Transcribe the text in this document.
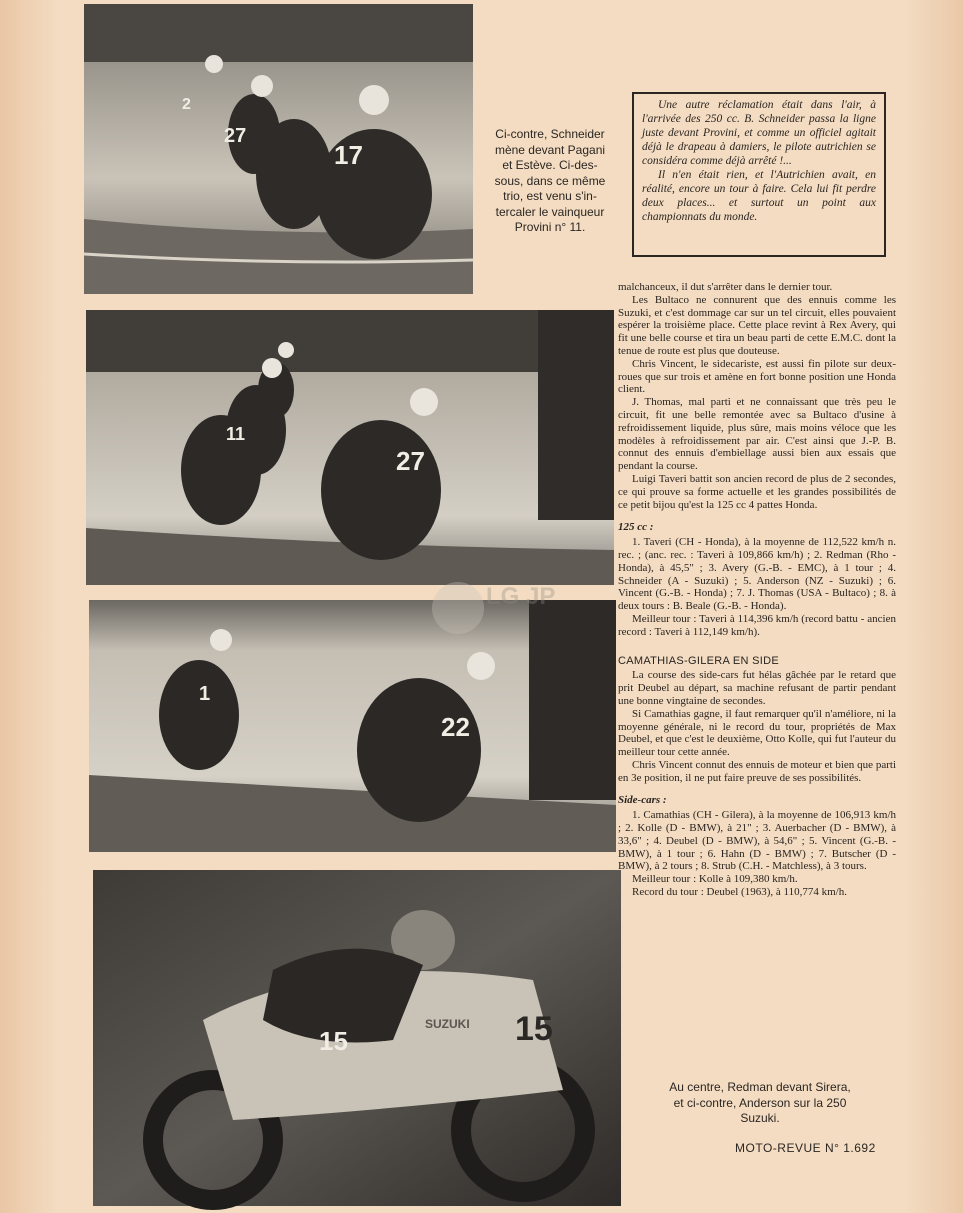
2
27
17
Ci-contre, Schneider
mène devant Pagani
et Estève. Ci-des-
sous, dans ce même
trio, est venu s'in-
tercaler le vainqueur
Provini n° 11.

Une autre réclamation était dans l'air, à l'arrivée des 250 cc. B. Schneider passa la ligne juste devant Provini, et comme un officiel agitait déjà le drapeau à damiers, le pilote autrichien se considéra comme déjà arrêté !...

Il n'en était rien, et l'Autrichien avait, en réalité, encore un tour à faire. Cela lui fit perdre deux places... et surtout un point aux championnats du monde.

11
27
1
22
LG JP
15	15
SUZUKI
Au centre, Redman devant Sirera,
et ci-contre, Anderson sur la 250
Suzuki.

malchanceux, il dut s'arrêter dans le dernier tour.

Les Bultaco ne connurent que des ennuis comme les Suzuki, et c'est dommage car sur un tel circuit, elles pouvaient espérer la troisième place. Cette place revint à Rex Avery, qui fit une belle course et tira un beau parti de cette E.M.C. dont la tenue de route est plus que douteuse.

Chris Vincent, le sidecariste, est aussi fin pilote sur deux-roues que sur trois et amène en fort bonne position une Honda client.

J. Thomas, mal parti et ne connaissant que très peu le circuit, fit une belle remontée avec sa Bultaco d'usine à refroidissement liquide, plus sûre, mais moins véloce que les modèles à refroidissement par air. C'est ainsi que J.-P. B. connut des ennuis d'embiellage aussi bien aux essais que pendant la course.

Luigi Taveri battit son ancien record de plus de 2 secondes, ce qui prouve sa forme actuelle et les grandes possibilités de ce petit bijou qu'est la 125 cc 4 pattes Honda.

125 cc :

1. Taveri (CH - Honda), à la moyenne de 112,522 km/h n. rec. ; (anc. rec. : Taveri à 109,866 km/h) ; 2. Redman (Rho - Honda), à 45,5" ; 3. Avery (G.-B. - EMC), à 1 tour ; 4. Schneider (A - Suzuki) ; 5. Anderson (NZ - Suzuki) ; 6. Vincent (G.-B. - Honda) ; 7. J. Thomas (USA - Bultaco) ; 8. à deux tours : B. Beale (G.-B. - Honda).

Meilleur tour : Taveri à 114,396 km/h (record battu - ancien record : Taveri à 112,149 km/h).

CAMATHIAS-GILERA EN SIDE

La course des side-cars fut hélas gâchée par le retard que prit Deubel au départ, sa machine refusant de partir pendant une bonne vingtaine de secondes.

Si Camathias gagne, il faut remarquer qu'il n'améliore, ni la moyenne générale, ni le record du tour, propriétés de Max Deubel, et que c'est le deuxième, Otto Kolle, qui fut l'auteur du meilleur tour cette année.

Chris Vincent connut des ennuis de moteur et bien que parti en 3e position, il ne put faire preuve de ses possibilités.

Side-cars :

1. Camathias (CH - Gilera), à la moyenne de 106,913 km/h ; 2. Kolle (D - BMW), à 21" ; 3. Auerbacher (D - BMW), à 33,6" ; 4. Deubel (D - BMW), à 54,6" ; 5. Vincent (G.-B. - BMW), à 1 tour ; 6. Hahn (D - BMW) ; 7. Butscher (D - BMW), à 2 tours ; 8. Strub (C.H. - Matchless), à 3 tours.

Meilleur tour : Kolle à 109,380 km/h.

Record du tour : Deubel (1963), à 110,774 km/h.

MOTO-REVUE N° 1.692
